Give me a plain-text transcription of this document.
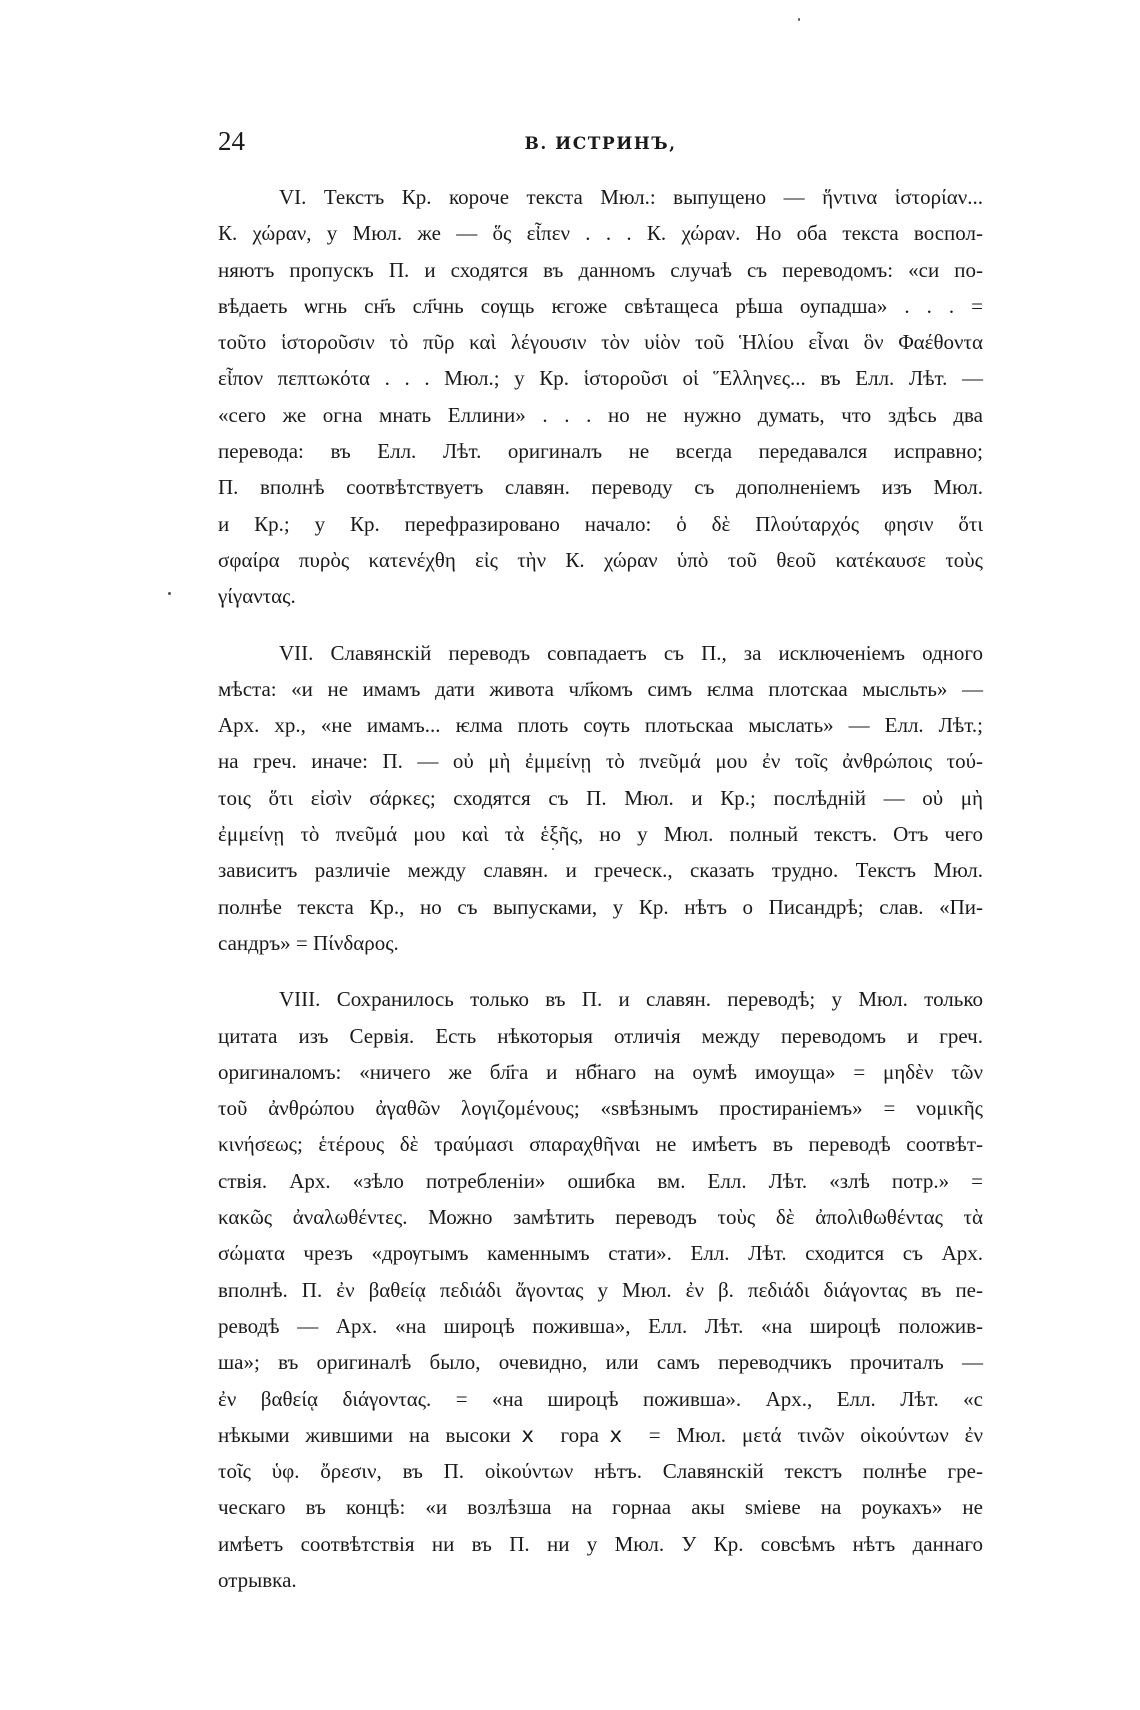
24	В. ИСТРИНЪ,
VI. Текстъ Кр. короче текста Мюл.: выпущено — ἥντινα ἱστορίαν...
К. χώραν, у Мюл. же — ὅς εἶπεν . . . К. χώραν. Но оба текста воспол-
няютъ пропускъ П. и сходятся въ данномъ случаѣ съ переводомъ: «си по-
вѣдаеть ѡгнь сн҃ъ сл҃чнь сѹщь ѥгоже свѣтащеса рѣша оупадша» . . . =
τοῦτο ἱστοροῦσιν τὸ πῦρ καὶ λέγουσιν τὸν υἱὸν τοῦ Ἡλίου εἶναι ὃν Φαέθοντα
εἶπον πεπτωκότα . . . Мюл.; у Кр. ἱστοροῦσι οἱ Ἕλληνες... въ Елл. Лѣт. —
«сего же огна мнать Еллини» . . . но не нужно думать, что здѣсь два
перевода: въ Елл. Лѣт. оригиналъ не всегда передавался исправно;
П. вполнѣ соотвѣтствуетъ славян. переводу съ дополненіемъ изъ Мюл.
и Кр.; у Кр. перефразировано начало: ὁ δὲ Πλούταρχός φησιν ὅτι
σφαίρα πυρὸς κατενέχθη εἰς τὴν К. χώραν ὑπὸ τοῦ θεοῦ κατέκαυσε τοὺς
γίγαντας.
VII. Славянскій переводъ совпадаетъ съ П., за исключеніемъ одного
мѣста: «и не имамъ дати живота чл҃комъ симъ ѥлма плотскаа мысльть» —
Арх. хр., «не имамъ... ѥлма плоть сѹть плотьскаа мыслать» — Елл. Лѣт.;
на греч. иначе: П. — οὐ μὴ ἐμμείνῃ τὸ πνεῦμά μου ἐν τοῖς ἀνθρώποις τού-
τοις ὅτι εἰσὶν σάρκες; сходятся съ П. Мюл. и Кр.; послѣдній — οὐ μὴ
ἐμμείνῃ τὸ πνεῦμά μου καὶ τὰ ἑξῆς, но у Мюл. полный текстъ. Отъ чего
зависитъ различіе между славян. и греческ., сказать трудно. Текстъ Мюл.
полнѣе текста Кр., но съ выпусками, у Кр. нѣтъ о Писандрѣ; слав. «Пи-
сандръ» = Πίνδαρος.
VIII. Сохранилось только въ П. и славян. переводѣ; у Мюл. только
цитата изъ Сервія. Есть нѣкоторыя отличія между переводомъ и греч.
оригиналомъ: «ничего же бл҃га и нб҃наго на оумѣ имоуща» = μηδὲν τῶν
τοῦ ἀνθρώπου ἀγαθῶν λογιζομένους; «ѕвѣзнымъ простираніемъ» = νομικῆς
κινήσεως; ἑτέρους δὲ τραύμασι σπαραχθῆναι не имѣетъ въ переводѣ соотвѣт-
ствія. Арх. «зѣло потребленіи» ошибка вм. Елл. Лѣт. «злѣ потр.» =
κακῶς ἀναλωθέντες. Можно замѣтить переводъ τοὺς δὲ ἀπολιθωθέντας τὰ
σώματα чрезъ «дрѹгымъ каменнымъ стати». Елл. Лѣт. сходится съ Арх.
вполнѣ. П. ἐν βαθείᾳ πεδιάδι ἄγοντας у Мюл. ἐν β. πεδιάδι διάγοντας въ пе-
реводѣ — Арх. «на широцѣ поживша», Елл. Лѣт. «на широцѣ положив-
ша»; въ оригиналѣ было, очевидно, или самъ переводчикъ прочиталъ —
ἐν βαθείᾳ διάγοντας. = «на широцѣ поживша». Арх., Елл. Лѣт. «с
нѣкыми жившими на высокиⅹ гораⅹ = Мюл. μετά τινῶν οἰκούντων ἐν
τοῖς ὑφ. ὄρεσιν, въ П. οἰκούντων нѣтъ. Славянскій текстъ полнѣе гре-
ческаго въ концѣ: «и возлѣзша на горнаа акы ѕміеве на роукахъ» не
имѣетъ соотвѣтствія ни въ П. ни у Мюл. У Кр. совсѣмъ нѣтъ даннаго
отрывка.
